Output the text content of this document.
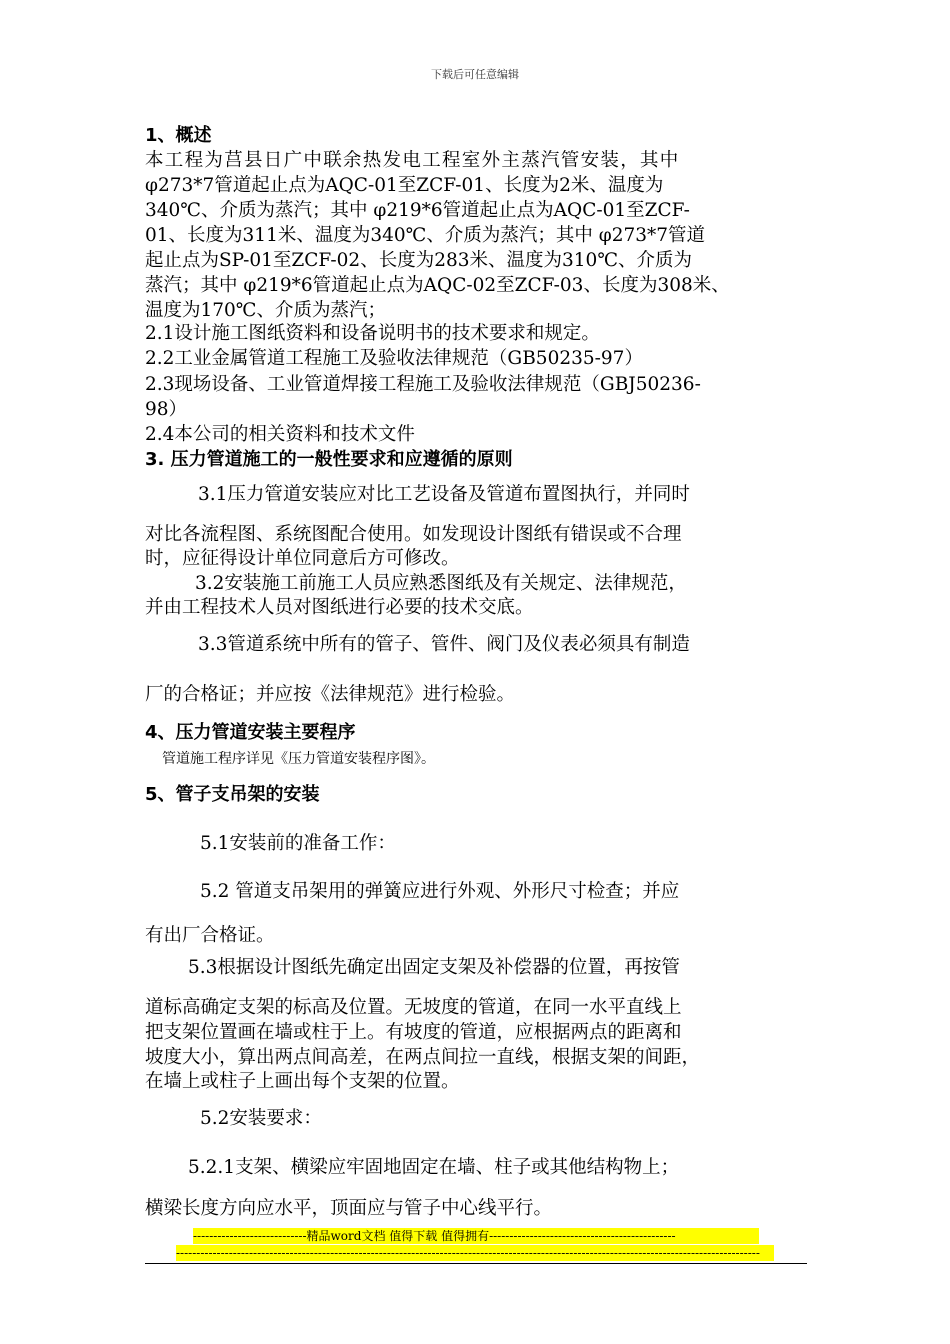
下载后可任意编辑
1、概述
本工程为莒县日广中联余热发电工程室外主蒸汽管安装，其中
φ273*7管道起止点为AQC-01至ZCF-01、长度为2米、温度为
340℃、介质为蒸汽；其中 φ219*6管道起止点为AQC-01至ZCF-
01、长度为311米、温度为340℃、介质为蒸汽；其中 φ273*7管道
起止点为SP-01至ZCF-02、长度为283米、温度为310℃、介质为
蒸汽；其中 φ219*6管道起止点为AQC-02至ZCF-03、长度为308米、
温度为170℃、介质为蒸汽；
2.1设计施工图纸资料和设备说明书的技术要求和规定。
2.2工业金属管道工程施工及验收法律规范（GB50235-97）
2.3现场设备、工业管道焊接工程施工及验收法律规范（GBJ50236-
98）
2.4本公司的相关资料和技术文件
3. 压力管道施工的一般性要求和应遵循的原则
3.1压力管道安装应对比工艺设备及管道布置图执行，并同时
对比各流程图、系统图配合使用。如发现设计图纸有错误或不合理
时，应征得设计单位同意后方可修改。
3.2安装施工前施工人员应熟悉图纸及有关规定、法律规范，
并由工程技术人员对图纸进行必要的技术交底。
3.3管道系统中所有的管子、管件、阀门及仪表必须具有制造
厂的合格证；并应按《法律规范》进行检验。
4、压力管道安装主要程序
管道施工程序详见《压力管道安装程序图》。
5、管子支吊架的安装
5.1安装前的准备工作：
5.2 管道支吊架用的弹簧应进行外观、外形尺寸检查；并应
有出厂合格证。
5.3根据设计图纸先确定出固定支架及补偿器的位置，再按管
道标高确定支架的标高及位置。无坡度的管道，在同一水平直线上
把支架位置画在墙或柱于上。有坡度的管道，应根据两点的距离和
坡度大小，算出两点间高差，在两点间拉一直线，根据支架的间距，
在墙上或柱子上画出每个支架的位置。
5.2安装要求：
5.2.1支架、横梁应牢固地固定在墙、柱子或其他结构物上；
横梁长度方向应水平，顶面应与管子中心线平行。
----------------------------精品word文档 值得下载 值得拥有----------------------------------------------
------------------------------------------------------------------------------------------------------------------------------------------------
